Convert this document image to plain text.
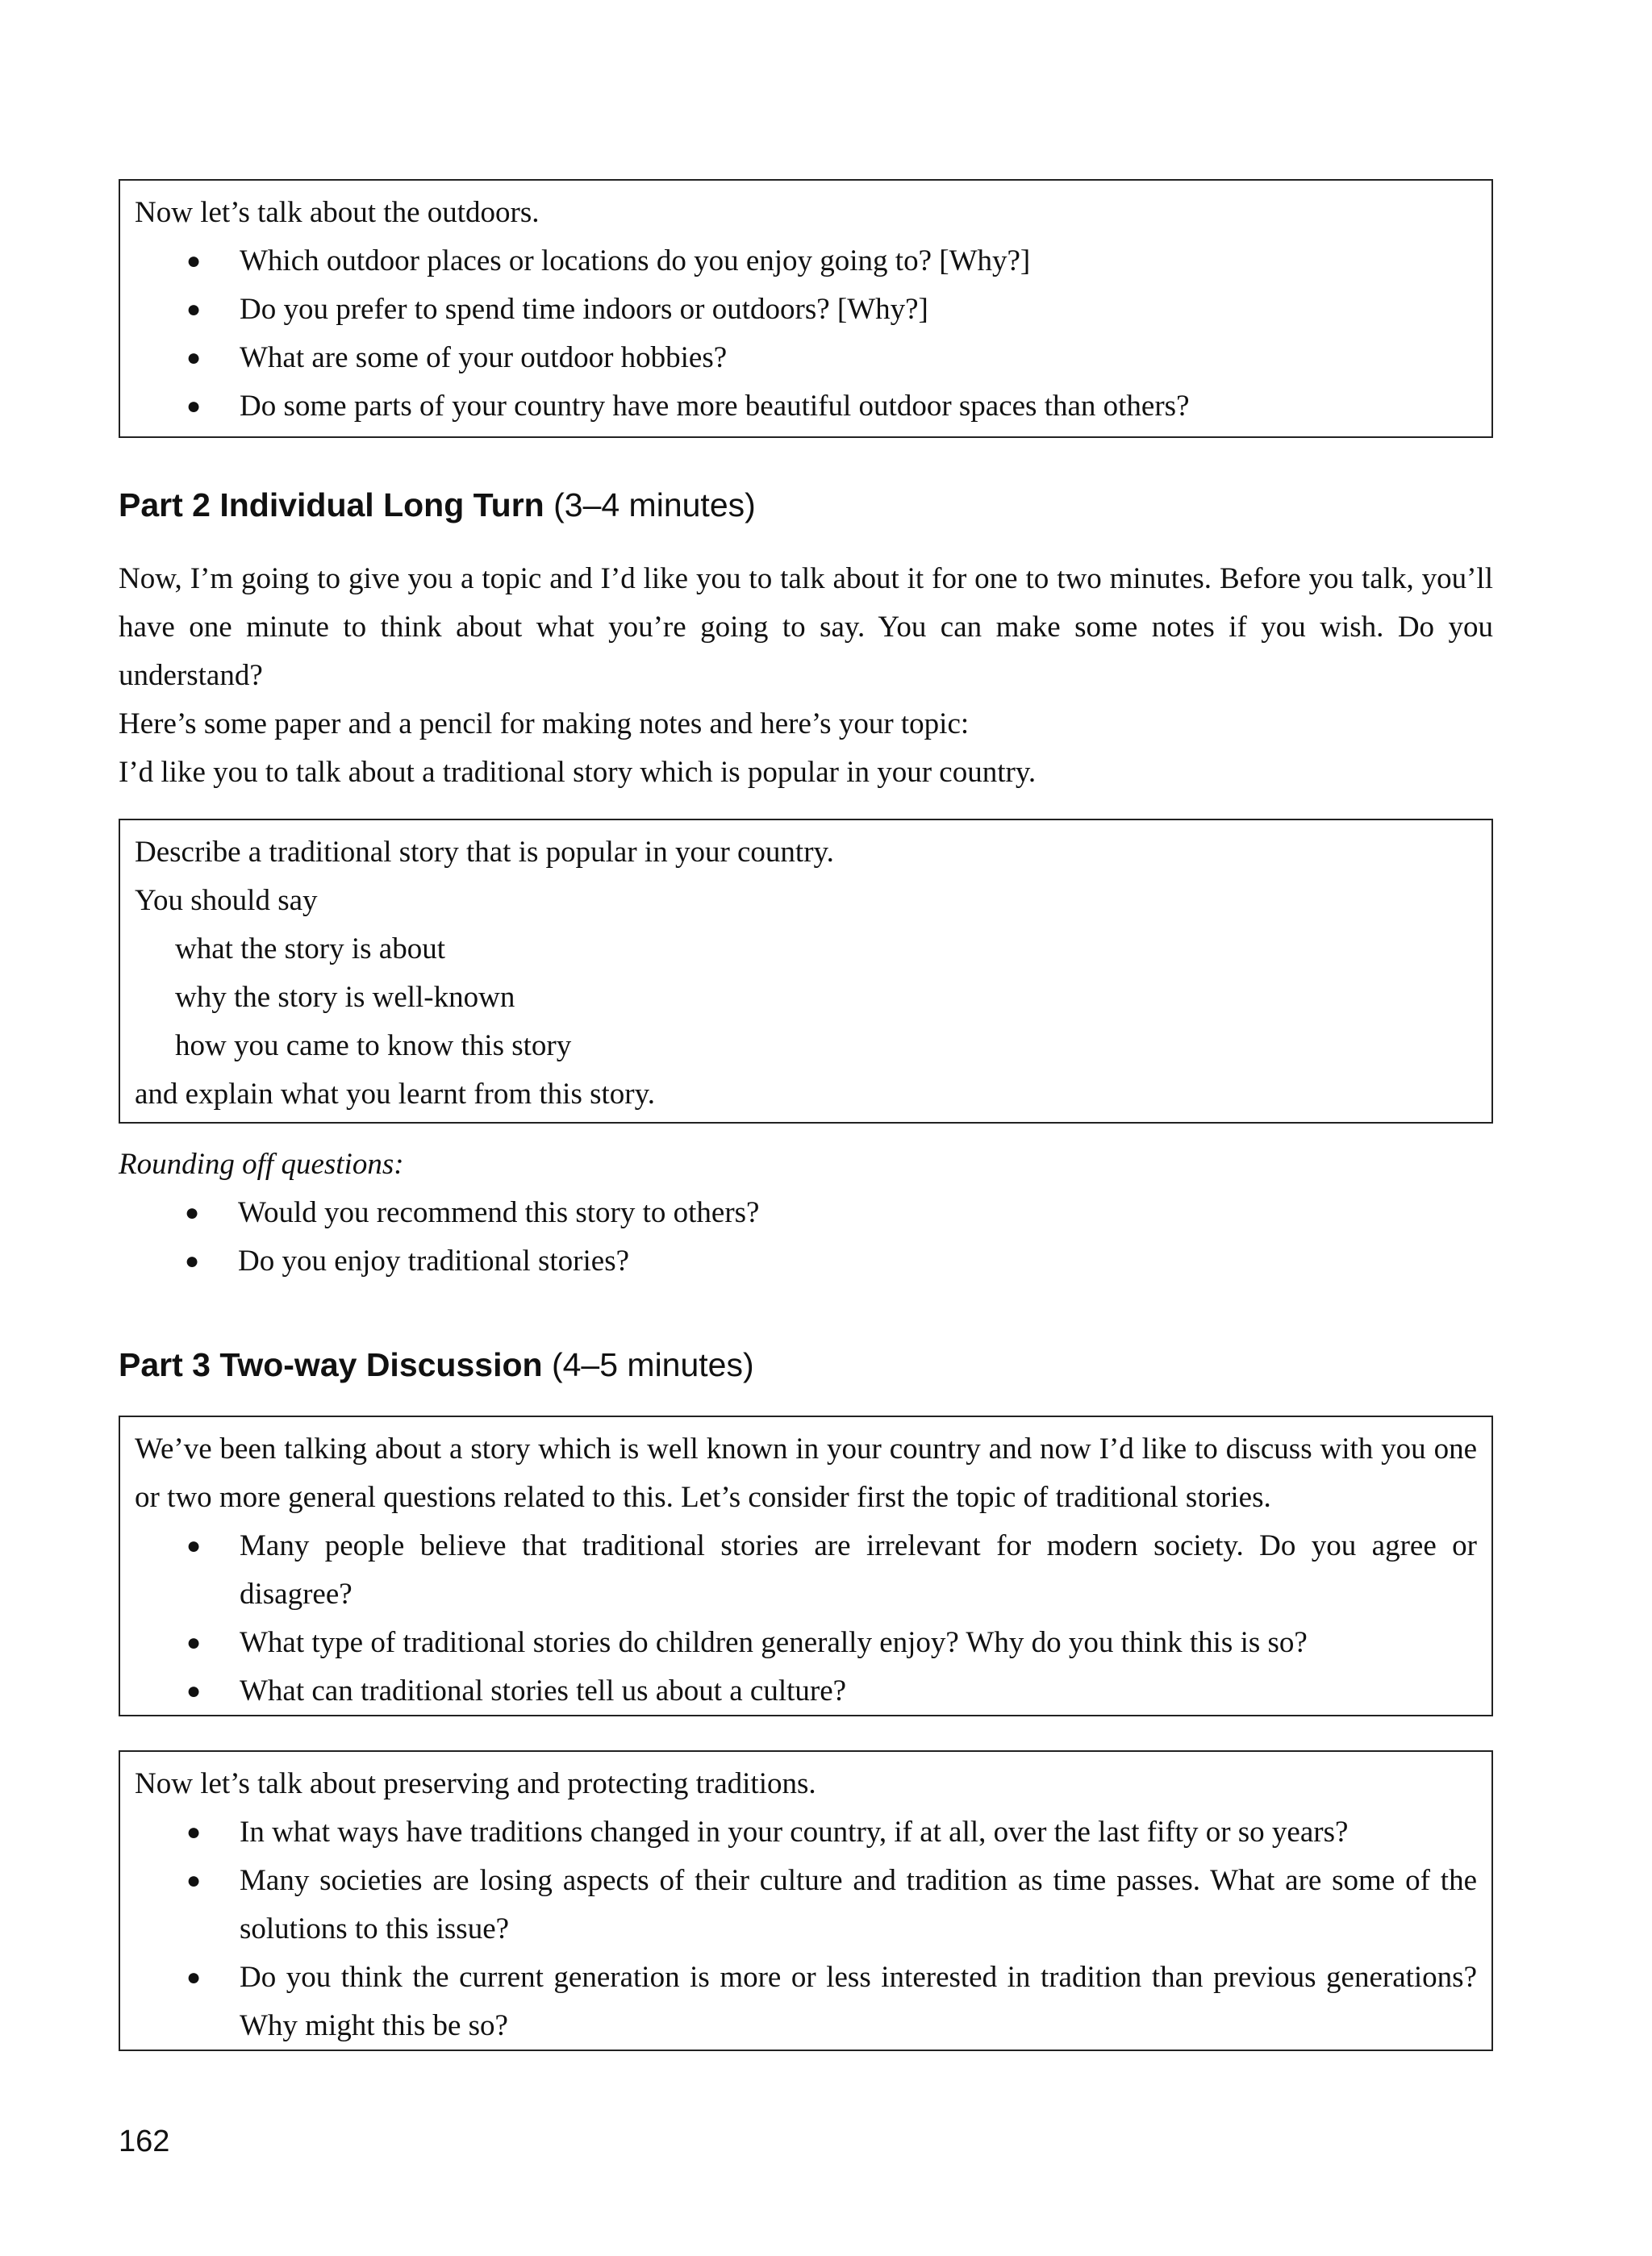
Now let’s talk about the outdoors.

● Which outdoor places or locations do you enjoy going to? [Why?]
● Do you prefer to spend time indoors or outdoors? [Why?]
● What are some of your outdoor hobbies?
● Do some parts of your country have more beautiful outdoor spaces than others?
Part 2 Individual Long Turn (3–4 minutes)

Now, I’m going to give you a topic and I’d like you to talk about it for one to two minutes. Before you talk, you’ll have one minute to think about what you’re going to say. You can make some notes if you wish. Do you understand?

Here’s some paper and a pencil for making notes and here’s your topic:

I’d like you to talk about a traditional story which is popular in your country.

Describe a traditional story that is popular in your country.

You should say

what the story is about

why the story is well-known

how you came to know this story

and explain what you learnt from this story.

Rounding off questions:
● Would you recommend this story to others?
● Do you enjoy traditional stories?
Part 3 Two-way Discussion (4–5 minutes)

We’ve been talking about a story which is well known in your country and now I’d like to discuss with you one or two more general questions related to this. Let’s consider first the topic of traditional stories.

● Many people believe that traditional stories are irrelevant for modern society. Do you agree or disagree?
● What type of traditional stories do children generally enjoy? Why do you think this is so?
● What can traditional stories tell us about a culture?

Now let’s talk about preserving and protecting traditions.

● In what ways have traditions changed in your country, if at all, over the last fifty or so years?
● Many societies are losing aspects of their culture and tradition as time passes. What are some of the solutions to this issue?
● Do you think the current generation is more or less interested in tradition than previous generations? Why might this be so?
162
